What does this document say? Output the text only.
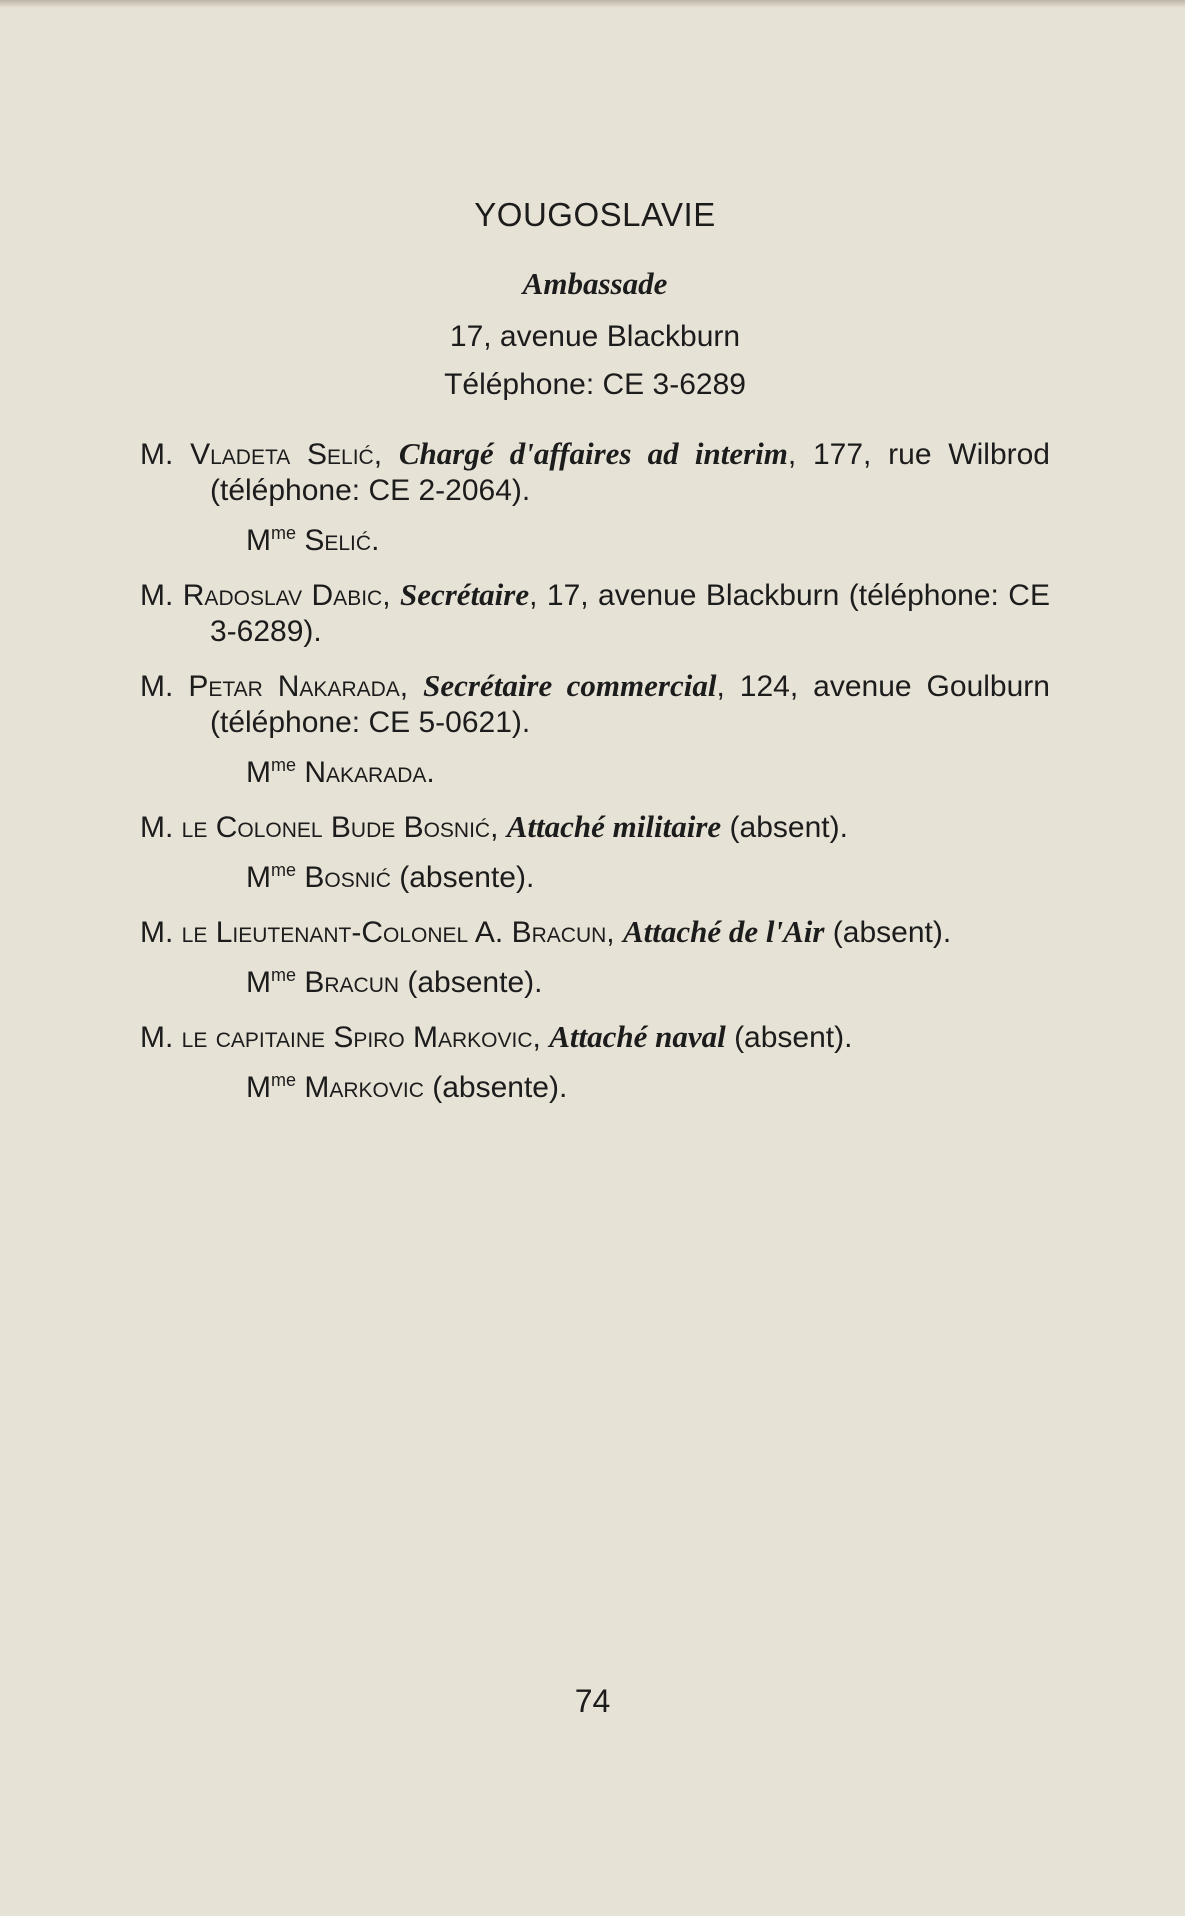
YOUGOSLAVIE
Ambassade
17, avenue Blackburn
Téléphone: CE 3-6289
M. Vladeta Selić, Chargé d'affaires ad interim, 177, rue Wilbrod (téléphone: CE 2-2064).
$M^{me}$ Selić.
M. Radoslav Dabic, Secrétaire, 17, avenue Blackburn (téléphone: CE 3-6289).
M. Petar Nakarada, Secrétaire commercial, 124, avenue Goulburn (téléphone: CE 5-0621).
$M^{me}$ Nakarada.
M. le Colonel Bude Bosnić, Attaché militaire (absent).
$M^{me}$ Bosnić (absente).
M. le Lieutenant-Colonel A. Bracun, Attaché de l'Air (absent).
$M^{me}$ Bracun (absente).
M. le capitaine Spiro Markovic, Attaché naval (absent).
$M^{me}$ Markovic (absente).
74
